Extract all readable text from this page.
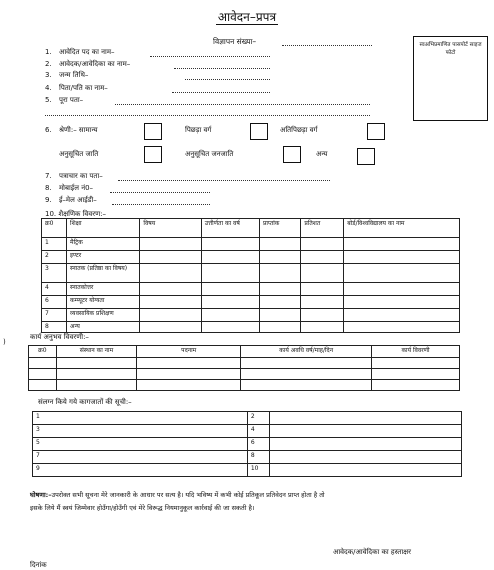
आवेदन–प्रपत्र
विज्ञापन संख्या–	स्वअभिप्रमाणित पासपोर्ट साइज फोटो
1. आवेदित पद का नाम–
2. आवेदक/आवेदिका का नाम–
3. जन्म तिथि–
4. पिता/पति का नाम–
5. पूरा पता–
6. श्रेणी:– सामान्य	पिछड़ा वर्ग	अतिपिछड़ा वर्ग
अनुसूचित जाति	अनुसूचित जनजाति	अन्य
7. पत्राचार का पता–
8. मोबाईल नं0–
9. ई–मेल आईडी–
10. शैक्षणिक विवरण:–
क्र0	शिक्षा	विषय	उत्तीर्णता का वर्ष	प्राप्तांक	प्रतिशत	बोर्ड/विश्वविद्यालय का नाम
1	मैट्रिक					
2	इण्टर					
3	स्नातक (प्रतिष्ठा का विषय)					
4	स्नातकोत्तर					
6	कम्प्यूटर योग्यता					
7	व्यवसायिक प्रशिक्षण					
8	अन्य					
)
कार्य अनुभव विवरणी:–
क्र0	संस्थान का नाम	पदनाम	कार्य अवधि वर्ष/माह/दिन	कार्य विवरणी

संलग्न किये गये कागजातों की सूची:–
1	2	
3	4	
5	6	
7	8	
9	10	
घोषणा:–उपरोक्त सभी सूचना मेरे जानकारी के आधार पर सत्य है। यदि भविष्य में कभी कोई प्रतिकूल प्रतिवेदन प्राप्त होता है तो
इसके लिये मैं स्वयं जिम्मेवार होउँगा/होउँगी एवं मेरे विरूद्ध नियमानुकूल कार्रवाई की जा सकती है।
आवेदक/आवेदिका का हस्ताक्षर
दिनांक
